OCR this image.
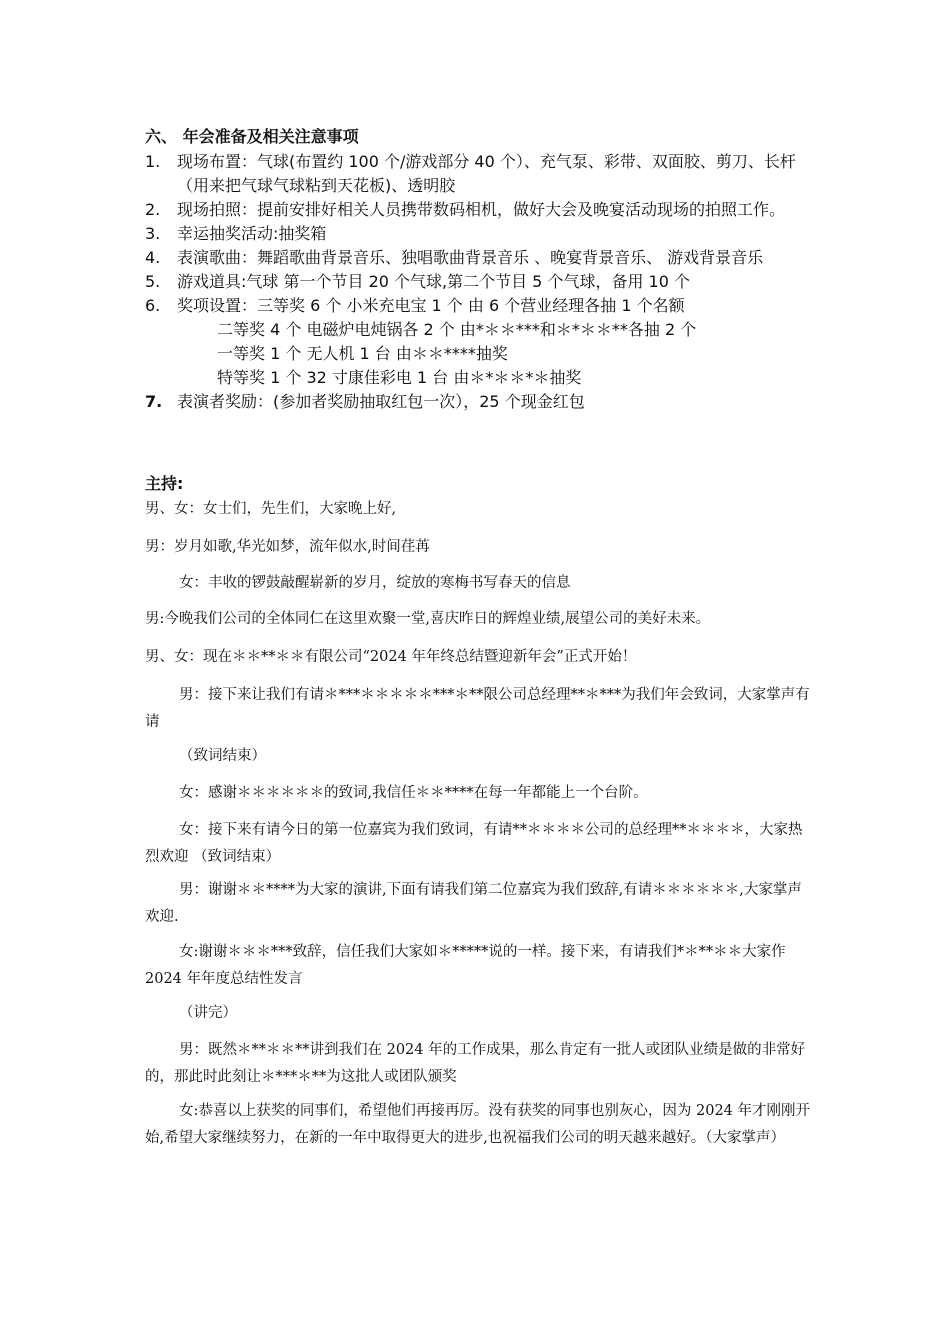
六、 年会准备及相关注意事项
1.	现场布置：气球(布置约 100 个/游戏部分 40 个）、充气泵、彩带、双面胶、剪刀、长杆（用来把气球气球粘到天花板)、透明胶
2.	现场拍照：提前安排好相关人员携带数码相机，做好大会及晚宴活动现场的拍照工作。
3.	幸运抽奖活动:抽奖箱
4.	表演歌曲：舞蹈歌曲背景音乐、独唱歌曲背景音乐 、晚宴背景音乐、 游戏背景音乐
5.	游戏道具:气球 第一个节目 20 个气球,第二个节目 5 个气球，备用 10 个
6.	奖项设置：三等奖 6 个 小米充电宝 1 个 由 6 个营业经理各抽 1 个名额
二等奖 4 个 电磁炉电炖锅各 2 个 由*＊＊***和＊*＊＊**各抽 2 个
一等奖 1 个 无人机 1 台 由＊＊****抽奖
特等奖 1 个 32 寸康佳彩电 1 台 由＊*＊＊*＊抽奖
7. 表演者奖励：(参加者奖励抽取红包一次），25 个现金红包
主持:
男、女：女士们，先生们，大家晚上好,
男：岁月如歌,华光如梦，流年似水,时间荏苒
女：丰收的锣鼓敲醒崭新的岁月，绽放的寒梅书写春天的信息
男:今晚我们公司的全体同仁在这里欢聚一堂,喜庆昨日的辉煌业绩,展望公司的美好未来。
男、女：现在＊＊**＊＊有限公司“2024 年年终总结暨迎新年会”正式开始！
男：接下来让我们有请＊***＊＊＊＊＊***＊**限公司总经理**＊***为我们年会致词，大家掌声有请
（致词结束）
女：感谢＊＊＊＊＊＊的致词,我信任＊＊****在每一年都能上一个台阶。
女：接下来有请今日的第一位嘉宾为我们致词，有请**＊＊＊＊公司的总经理**＊＊＊＊，大家热烈欢迎 （致词结束）
男：谢谢＊＊****为大家的演讲,下面有请我们第二位嘉宾为我们致辞,有请＊＊＊＊＊＊,大家掌声欢迎.
女:谢谢＊＊＊***致辞，信任我们大家如＊*****说的一样。接下来，有请我们*＊**＊＊大家作 2024 年年度总结性发言
（讲完）
男：既然＊**＊＊**讲到我们在 2024 年的工作成果，那么肯定有一批人或团队业绩是做的非常好的，那此时此刻让＊***＊**为这批人或团队颁奖
女:恭喜以上获奖的同事们，希望他们再接再厉。没有获奖的同事也别灰心，因为 2024 年才刚刚开始,希望大家继续努力，在新的一年中取得更大的进步,也祝福我们公司的明天越来越好。（大家掌声）
